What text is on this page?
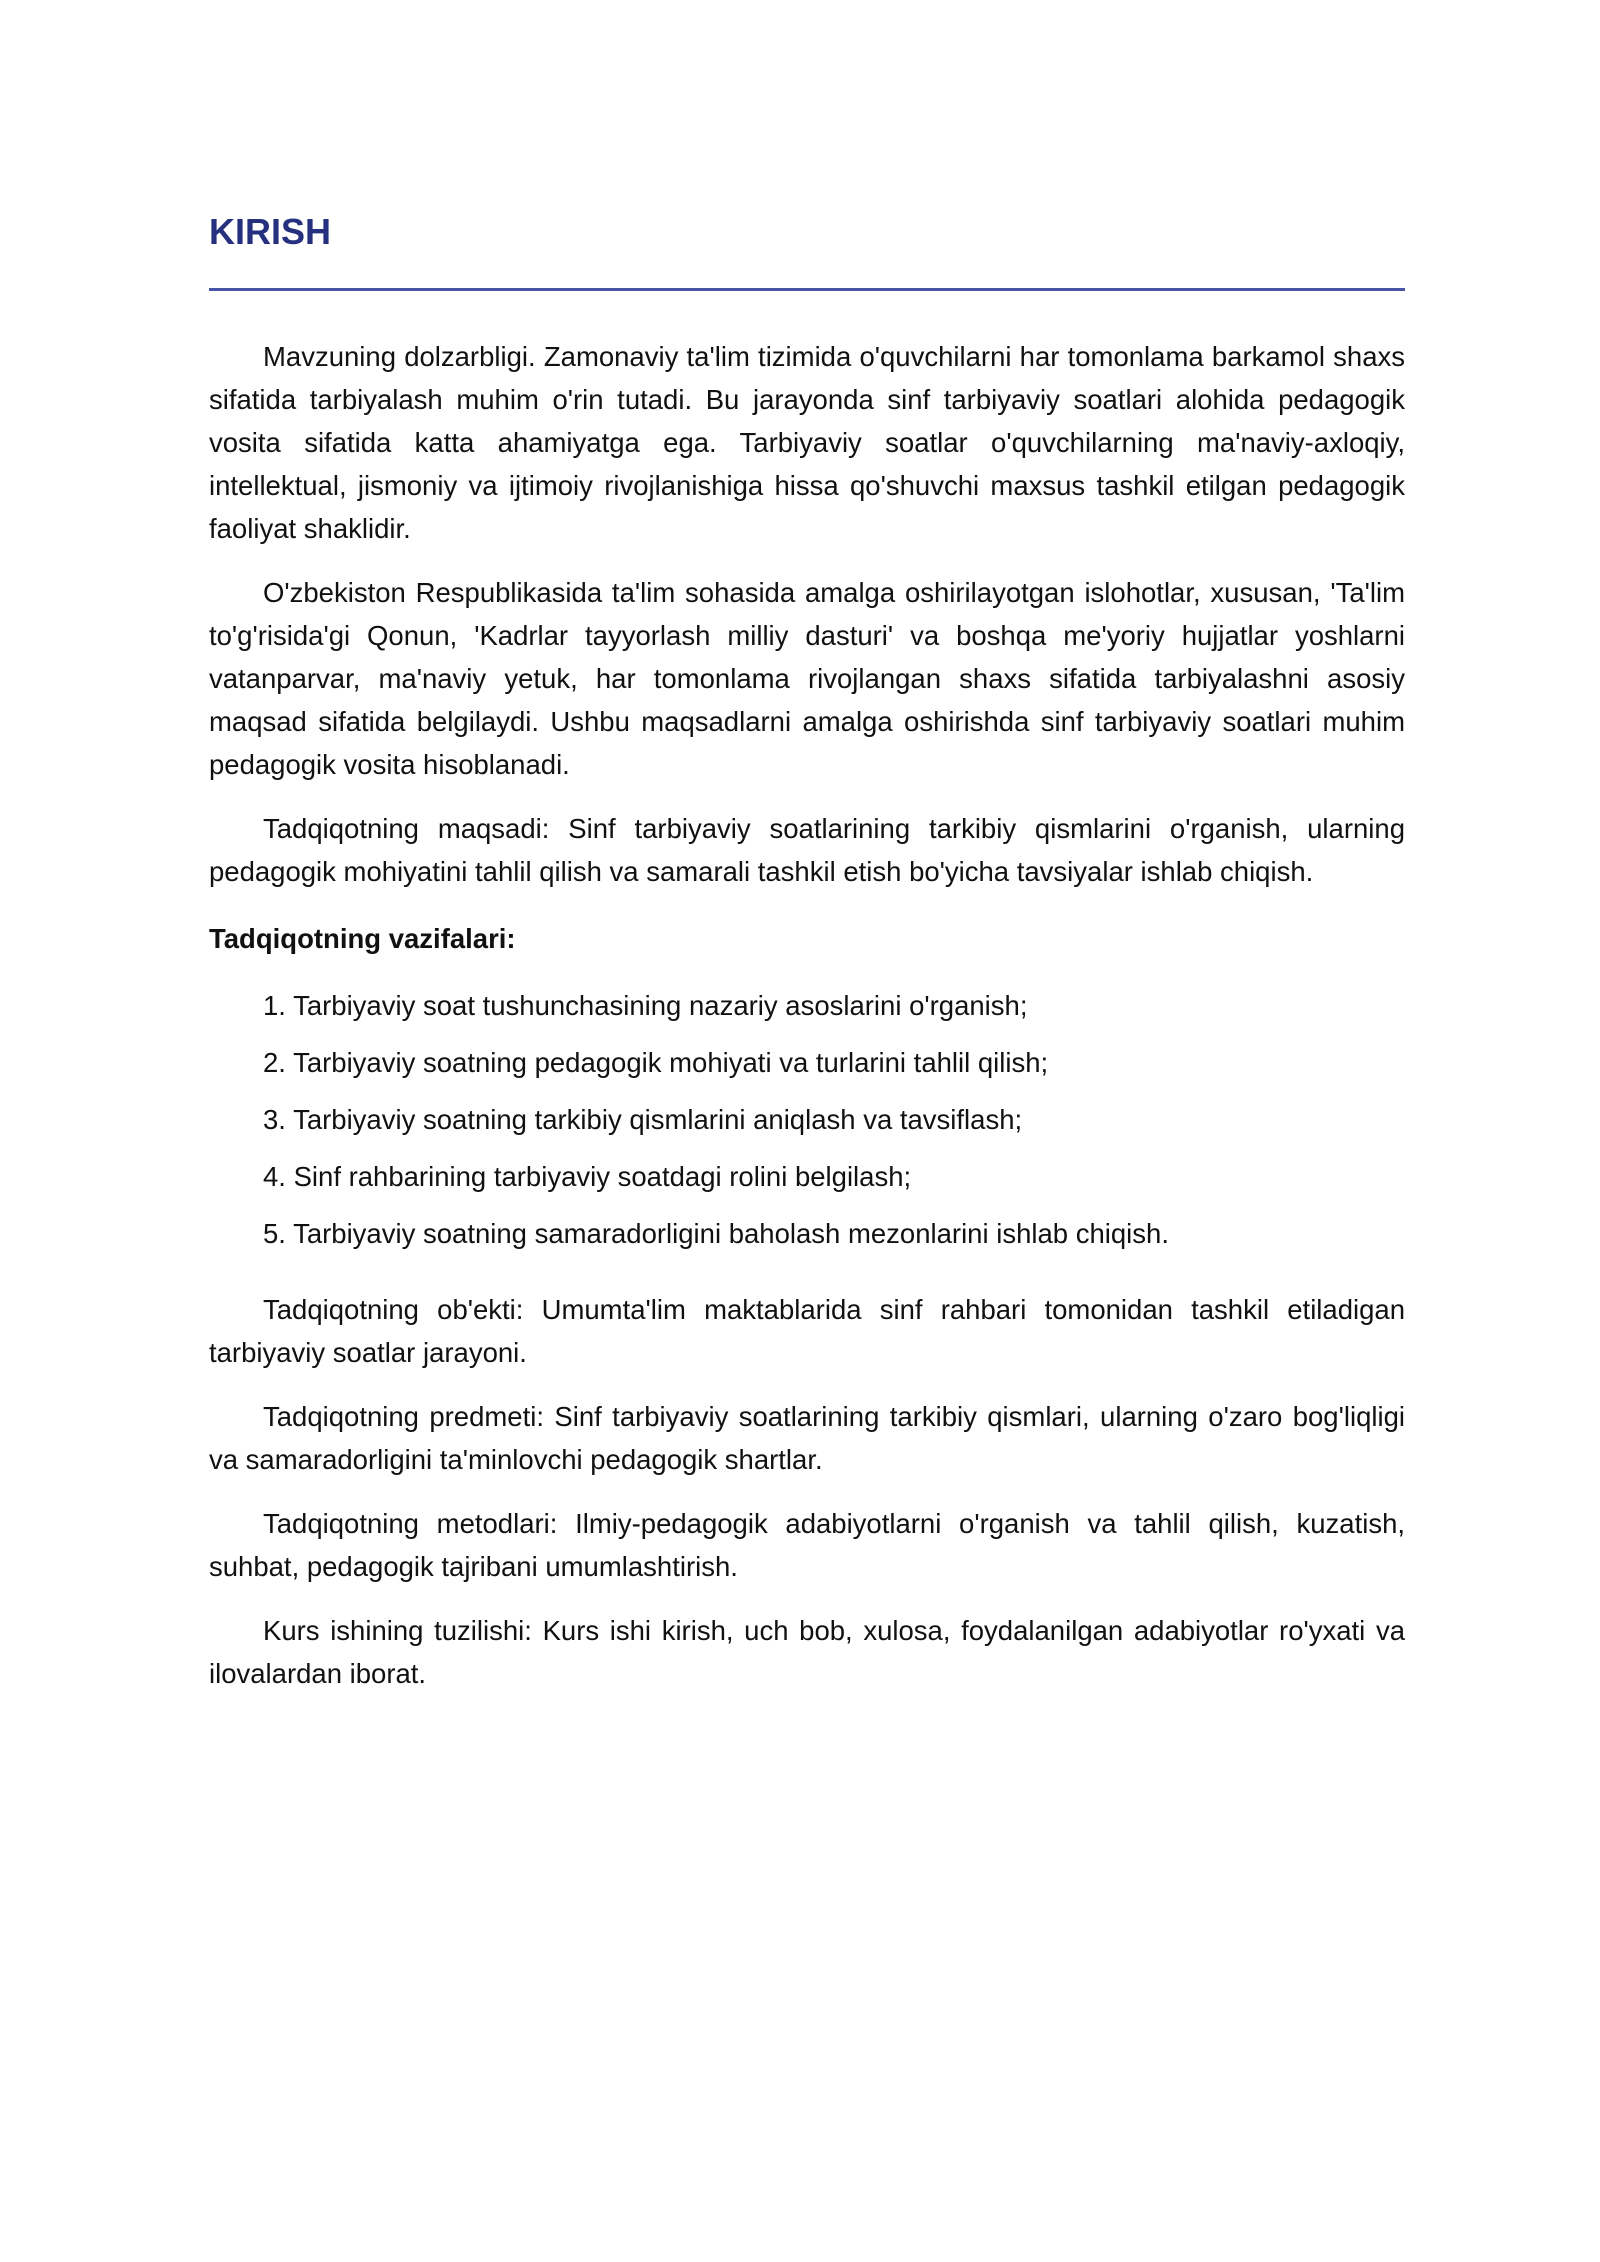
KIRISH

Mavzuning dolzarbligi. Zamonaviy ta'lim tizimida o'quvchilarni har tomonlama barkamol shaxs sifatida tarbiyalash muhim o'rin tutadi. Bu jarayonda sinf tarbiyaviy soatlari alohida pedagogik vosita sifatida katta ahamiyatga ega. Tarbiyaviy soatlar o'quvchilarning ma'naviy-axloqiy, intellektual, jismoniy va ijtimoiy rivojlanishiga hissa qo'shuvchi maxsus tashkil etilgan pedagogik faoliyat shaklidir.

O'zbekiston Respublikasida ta'lim sohasida amalga oshirilayotgan islohotlar, xususan, 'Ta'lim to'g'risida'gi Qonun, 'Kadrlar tayyorlash milliy dasturi' va boshqa me'yoriy hujjatlar yoshlarni vatanparvar, ma'naviy yetuk, har tomonlama rivojlangan shaxs sifatida tarbiyalashni asosiy maqsad sifatida belgilaydi. Ushbu maqsadlarni amalga oshirishda sinf tarbiyaviy soatlari muhim pedagogik vosita hisoblanadi.

Tadqiqotning maqsadi: Sinf tarbiyaviy soatlarining tarkibiy qismlarini o'rganish, ularning pedagogik mohiyatini tahlil qilish va samarali tashkil etish bo'yicha tavsiyalar ishlab chiqish.

Tadqiqotning vazifalari:

1. Tarbiyaviy soat tushunchasining nazariy asoslarini o'rganish;
2. Tarbiyaviy soatning pedagogik mohiyati va turlarini tahlil qilish;
3. Tarbiyaviy soatning tarkibiy qismlarini aniqlash va tavsiflash;
4. Sinf rahbarining tarbiyaviy soatdagi rolini belgilash;
5. Tarbiyaviy soatning samaradorligini baholash mezonlarini ishlab chiqish.

Tadqiqotning ob'ekti: Umumta'lim maktablarida sinf rahbari tomonidan tashkil etiladigan tarbiyaviy soatlar jarayoni.

Tadqiqotning predmeti: Sinf tarbiyaviy soatlarining tarkibiy qismlari, ularning o'zaro bog'liqligi va samaradorligini ta'minlovchi pedagogik shartlar.

Tadqiqotning metodlari: Ilmiy-pedagogik adabiyotlarni o'rganish va tahlil qilish, kuzatish, suhbat, pedagogik tajribani umumlashtirish.

Kurs ishining tuzilishi: Kurs ishi kirish, uch bob, xulosa, foydalanilgan adabiyotlar ro'yxati va ilovalardan iborat.
